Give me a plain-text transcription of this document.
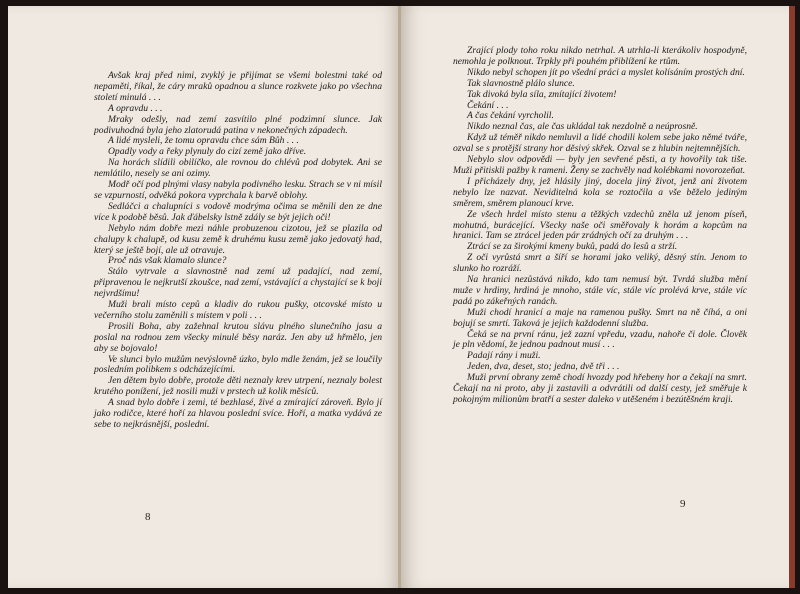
Avšak kraj před nimi, zvyklý je přijímat se všemi bolestmi také od nepaměti, říkal, že cáry mraků opadnou a slunce rozkvete jako po všechna století minulá . . .

A opravdu . . .

Mraky odešly, nad zemí zasvítilo plné podzimní slunce. Jak podivuhodná byla jeho zlatorudá patina v nekonečných západech.

A lidé mysleli, že tomu opravdu chce sám Bůh . . .

Opadly vody a řeky plynuly do cizí země jako dříve.

Na horách slídili obilíčko, ale rovnou do chlévů pod dobytek. Ani se nemlátilo, nesely se ani ozimy.

Modř očí pod plnými vlasy nabyla podivného lesku. Strach se v ni mísil se vzpurností, odvěká pokora vyprchala k barvě oblohy.

Sedláčci a chalupníci s vodově modrýma očima se měnili den ze dne více k podobě běsů. Jak ďábelsky lstně zdály se být jejich oči!

Nebylo nám dobře mezi náhle probuzenou cizotou, jež se plazila od chalupy k chalupě, od kusu země k druhému kusu země jako jedovatý had, který se ještě bojí, ale už otravuje.

Proč nás však klamalo slunce?

Stálo vytrvale a slavnostně nad zemí už padající, nad zemí, připravenou le nejkrutší zkoušce, nad zemí, vstávající a chystající se k boji nejvrdšímu!

Muži brali místo cepů a kladiv do rukou pušky, otcovské místo u večerního stolu zaměnili s místem v poli . . .

Prosili Boha, aby zažehnal krutou slávu plného slunečního jasu a poslal na rodnou zem všecky minulé běsy naráz. Jen aby už hřmělo, jen aby se bojovalo!

Ve slunci bylo mužům nevýslovně úzko, bylo mdle ženám, jež se loučily posledním polibkem s odcházejícími.

Jen dětem bylo dobře, protože děti neznaly krev utrpení, neznaly bolest krutého ponížení, jež nosili muži v prstech už kolik měsíců.

A snad bylo dobře i zemi, té bezhlasé, živé a zmírající zároveň. Bylo jí jako rodičce, které hoří za hlavou poslední svíce. Hoří, a matka vydává ze sebe to nejkrásnější, poslední.

8

Zrající plody toho roku nikdo netrhal. A utrhla-li kterákoliv hospodyně, nemohla je polknout. Trpkly při pouhém přiblížení ke rtům.

Nikdo nebyl schopen jít po všední práci a myslet kolísáním prostých dní.

Tak slavnostně plálo slunce.

Tak divoká byla síla, zmítající životem!

Čekání . . .

A čas čekání vyrcholil.

Nikdo neznal čas, ale čas ukládal tak nezdolně a neúprosně.

Když už téměř nikdo nemluvil a lidé chodili kolem sebe jako němé tváře, ozval se s protější strany hor děsivý skřek. Ozval se z hlubin nejtemnějších.

Nebylo slov odpovědi — byly jen sevřené pěsti, a ty hovořily tak tiše. Muži přitiskli pažby k rameni. Ženy se zachvěly nad kolébkami novorozeňat.

I přicházely dny, jež hlásily jiný, docela jiný život, jenž ani životem nebylo lze nazvat. Neviditelná kola se roztočila a vše běželo jediným směrem, směrem planoucí krve.

Ze všech hrdel místo stenu a těžkých vzdechů zněla už jenom píseň, mohutná, burácející. Všecky naše oči směřovaly k horám a kopcům na hranici. Tam se ztrácel jeden pár zrádných očí za druhým . . .

Ztrácí se za širokými kmeny buků, padá do lesů a strží.

Z oči vyrůstá smrt a šíří se horami jako veliký, děsný stín. Jenom to slunko ho rozráží.

Na hranici nezůstává nikdo, kdo tam nemusí být. Tvrdá služba mění muže v hrdiny, hrdiná je mnoho, stále víc, stále víc prolévá krve, stále víc padá po zákeřných ranách.

Muži chodí hranicí a maje na ramenou pušky. Smrt na ně číhá, a oni bojují se smrtí. Taková je jejich každodenní služba.

Čeká se na první ránu, jež zazní vpředu, vzadu, nahoře či dole. Člověk je pln vědomí, že jednou padnout musí . . .

Padají rány i muži.

Jeden, dva, deset, sto; jedna, dvě tři . . .

Muži první obrany země chodí hvozdy pod hřebeny hor a čekají na smrt. Čekají na ni proto, aby ji zastavili a odvrátili od další cesty, jež směřuje k pokojným milionům bratří a sester daleko v utěšeném i bezútěšném kraji.

9
